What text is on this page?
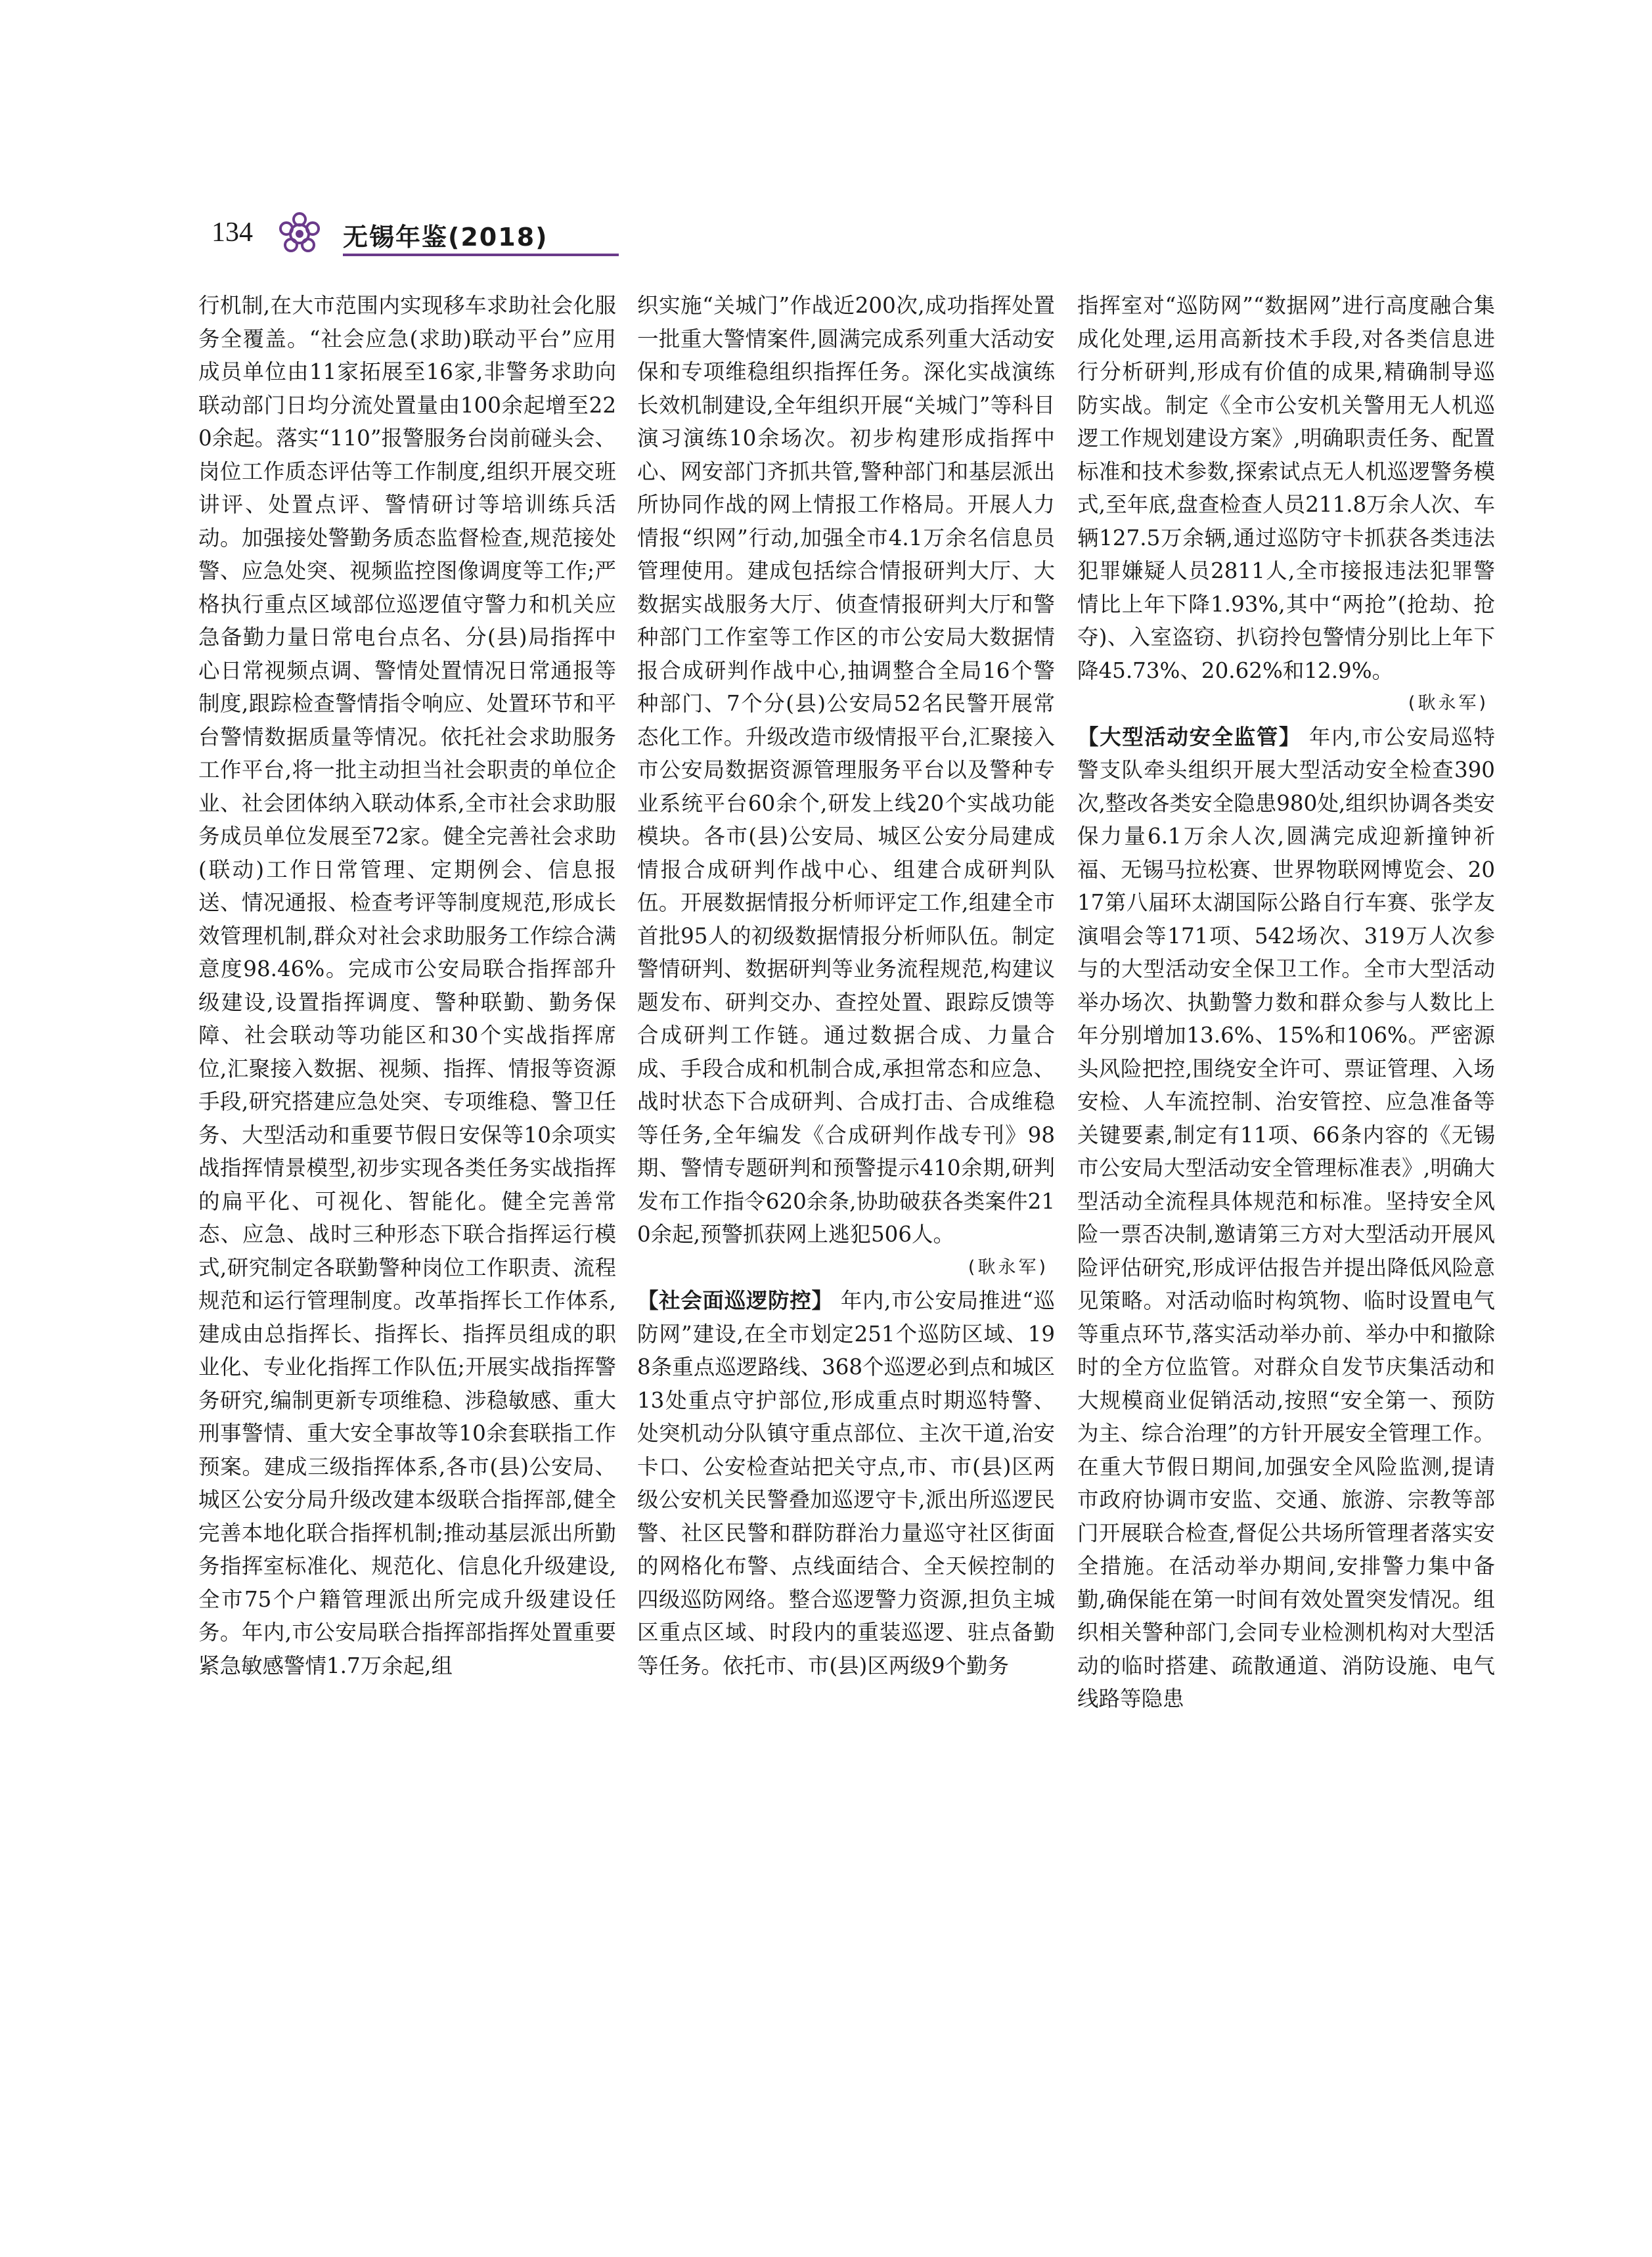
134	无锡年鉴(2018)

行机制,在大市范围内实现移车求助社会化服务全覆盖。“社会应急(求助)联动平台”应用成员单位由11家拓展至16家,非警务求助向联动部门日均分流处置量由100余起增至220余起。落实“110”报警服务台岗前碰头会、岗位工作质态评估等工作制度,组织开展交班讲评、处置点评、警情研讨等培训练兵活动。加强接处警勤务质态监督检查,规范接处警、应急处突、视频监控图像调度等工作;严格执行重点区域部位巡逻值守警力和机关应急备勤力量日常电台点名、分(县)局指挥中心日常视频点调、警情处置情况日常通报等制度,跟踪检查警情指令响应、处置环节和平台警情数据质量等情况。依托社会求助服务工作平台,将一批主动担当社会职责的单位企业、社会团体纳入联动体系,全市社会求助服务成员单位发展至72家。健全完善社会求助(联动)工作日常管理、定期例会、信息报送、情况通报、检查考评等制度规范,形成长效管理机制,群众对社会求助服务工作综合满意度98.46%。完成市公安局联合指挥部升级建设,设置指挥调度、警种联勤、勤务保障、社会联动等功能区和30个实战指挥席位,汇聚接入数据、视频、指挥、情报等资源手段,研究搭建应急处突、专项维稳、警卫任务、大型活动和重要节假日安保等10余项实战指挥情景模型,初步实现各类任务实战指挥的扁平化、可视化、智能化。健全完善常态、应急、战时三种形态下联合指挥运行模式,研究制定各联勤警种岗位工作职责、流程规范和运行管理制度。改革指挥长工作体系,建成由总指挥长、指挥长、指挥员组成的职业化、专业化指挥工作队伍;开展实战指挥警务研究,编制更新专项维稳、涉稳敏感、重大刑事警情、重大安全事故等10余套联指工作预案。建成三级指挥体系,各市(县)公安局、城区公安分局升级改建本级联合指挥部,健全完善本地化联合指挥机制;推动基层派出所勤务指挥室标准化、规范化、信息化升级建设,全市75个户籍管理派出所完成升级建设任务。年内,市公安局联合指挥部指挥处置重要紧急敏感警情1.7万余起,组

织实施“关城门”作战近200次,成功指挥处置一批重大警情案件,圆满完成系列重大活动安保和专项维稳组织指挥任务。深化实战演练长效机制建设,全年组织开展“关城门”等科目演习演练10余场次。初步构建形成指挥中心、网安部门齐抓共管,警种部门和基层派出所协同作战的网上情报工作格局。开展人力情报“织网”行动,加强全市4.1万余名信息员管理使用。建成包括综合情报研判大厅、大数据实战服务大厅、侦查情报研判大厅和警种部门工作室等工作区的市公安局大数据情报合成研判作战中心,抽调整合全局16个警种部门、7个分(县)公安局52名民警开展常态化工作。升级改造市级情报平台,汇聚接入市公安局数据资源管理服务平台以及警种专业系统平台60余个,研发上线20个实战功能模块。各市(县)公安局、城区公安分局建成情报合成研判作战中心、组建合成研判队伍。开展数据情报分析师评定工作,组建全市首批95人的初级数据情报分析师队伍。制定警情研判、数据研判等业务流程规范,构建议题发布、研判交办、查控处置、跟踪反馈等合成研判工作链。通过数据合成、力量合成、手段合成和机制合成,承担常态和应急、战时状态下合成研判、合成打击、合成维稳等任务,全年编发《合成研判作战专刊》98期、警情专题研判和预警提示410余期,研判发布工作指令620余条,协助破获各类案件210余起,预警抓获网上逃犯506人。

(耿永军)

【社会面巡逻防控】 年内,市公安局推进“巡防网”建设,在全市划定251个巡防区域、198条重点巡逻路线、368个巡逻必到点和城区13处重点守护部位,形成重点时期巡特警、处突机动分队镇守重点部位、主次干道,治安卡口、公安检查站把关守点,市、市(县)区两级公安机关民警叠加巡逻守卡,派出所巡逻民警、社区民警和群防群治力量巡守社区街面的网格化布警、点线面结合、全天候控制的四级巡防网络。整合巡逻警力资源,担负主城区重点区域、时段内的重装巡逻、驻点备勤等任务。依托市、市(县)区两级9个勤务

指挥室对“巡防网”“数据网”进行高度融合集成化处理,运用高新技术手段,对各类信息进行分析研判,形成有价值的成果,精确制导巡防实战。制定《全市公安机关警用无人机巡逻工作规划建设方案》,明确职责任务、配置标准和技术参数,探索试点无人机巡逻警务模式,至年底,盘查检查人员211.8万余人次、车辆127.5万余辆,通过巡防守卡抓获各类违法犯罪嫌疑人员2811人,全市接报违法犯罪警情比上年下降1.93%,其中“两抢”(抢劫、抢夺)、入室盗窃、扒窃拎包警情分别比上年下降45.73%、20.62%和12.9%。

(耿永军)

【大型活动安全监管】 年内,市公安局巡特警支队牵头组织开展大型活动安全检查390次,整改各类安全隐患980处,组织协调各类安保力量6.1万余人次,圆满完成迎新撞钟祈福、无锡马拉松赛、世界物联网博览会、2017第八届环太湖国际公路自行车赛、张学友演唱会等171项、542场次、319万人次参与的大型活动安全保卫工作。全市大型活动举办场次、执勤警力数和群众参与人数比上年分别增加13.6%、15%和106%。严密源头风险把控,围绕安全许可、票证管理、入场安检、人车流控制、治安管控、应急准备等关键要素,制定有11项、66条内容的《无锡市公安局大型活动安全管理标准表》,明确大型活动全流程具体规范和标准。坚持安全风险一票否决制,邀请第三方对大型活动开展风险评估研究,形成评估报告并提出降低风险意见策略。对活动临时构筑物、临时设置电气等重点环节,落实活动举办前、举办中和撤除时的全方位监管。对群众自发节庆集活动和大规模商业促销活动,按照“安全第一、预防为主、综合治理”的方针开展安全管理工作。在重大节假日期间,加强安全风险监测,提请市政府协调市安监、交通、旅游、宗教等部门开展联合检查,督促公共场所管理者落实安全措施。在活动举办期间,安排警力集中备勤,确保能在第一时间有效处置突发情况。组织相关警种部门,会同专业检测机构对大型活动的临时搭建、疏散通道、消防设施、电气线路等隐患
